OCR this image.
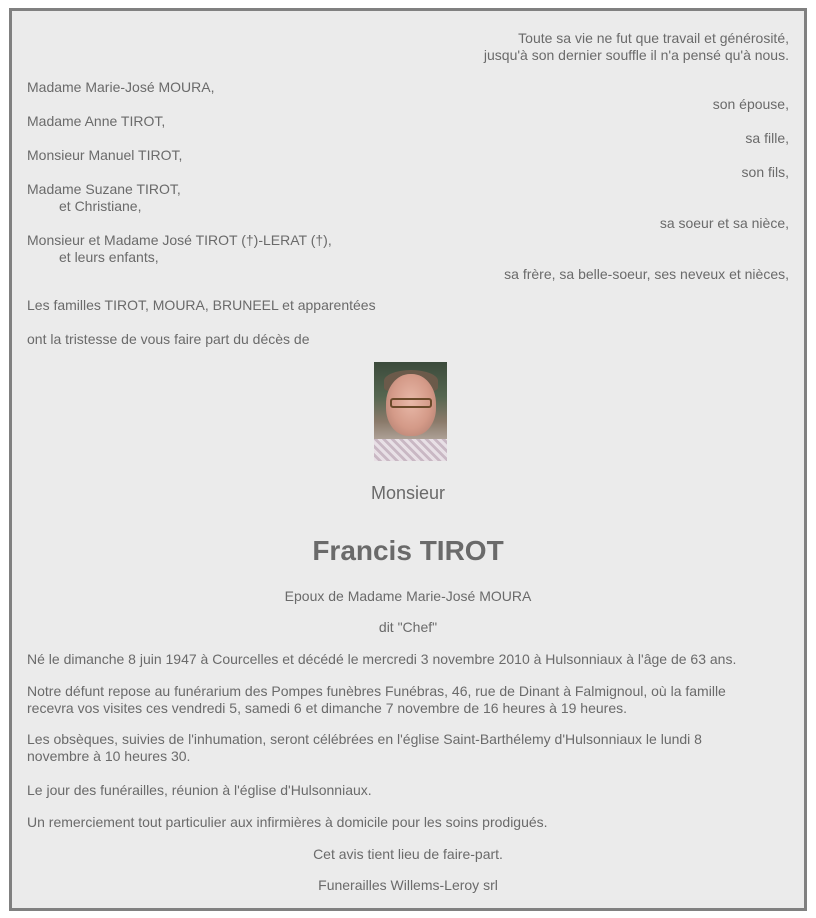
Toute sa vie ne fut que travail et générosité,
jusqu'à son dernier souffle il n'a pensé qu'à nous.
Madame Marie-José MOURA,
son épouse,
Madame Anne TIROT,
sa fille,
Monsieur Manuel TIROT,
son fils,
Madame Suzane TIROT,
et Christiane,
sa soeur et sa nièce,
Monsieur et Madame José TIROT (†)-LERAT (†),
et leurs enfants,
sa frère, sa belle-soeur, ses neveux et nièces,
Les familles TIROT, MOURA, BRUNEEL et apparentées
ont la tristesse de vous faire part du décès de
Monsieur
Francis TIROT
Epoux de Madame Marie-José MOURA
dit "Chef"
Né le dimanche 8 juin 1947 à Courcelles et décédé le mercredi 3 novembre 2010 à Hulsonniaux à l'âge de 63 ans.
Notre défunt repose au funérarium des Pompes funèbres Funébras, 46, rue de Dinant à Falmignoul, où la famille
recevra vos visites ces vendredi 5, samedi 6 et dimanche 7 novembre de 16 heures à 19 heures.
Les obsèques, suivies de l'inhumation, seront célébrées en l'église Saint-Barthélemy d'Hulsonniaux le lundi 8
novembre à 10 heures 30.
Le jour des funérailles, réunion à l'église d'Hulsonniaux.
Un remerciement tout particulier aux infirmières à domicile pour les soins prodigués.
Cet avis tient lieu de faire-part.
Funerailles Willems-Leroy srl
